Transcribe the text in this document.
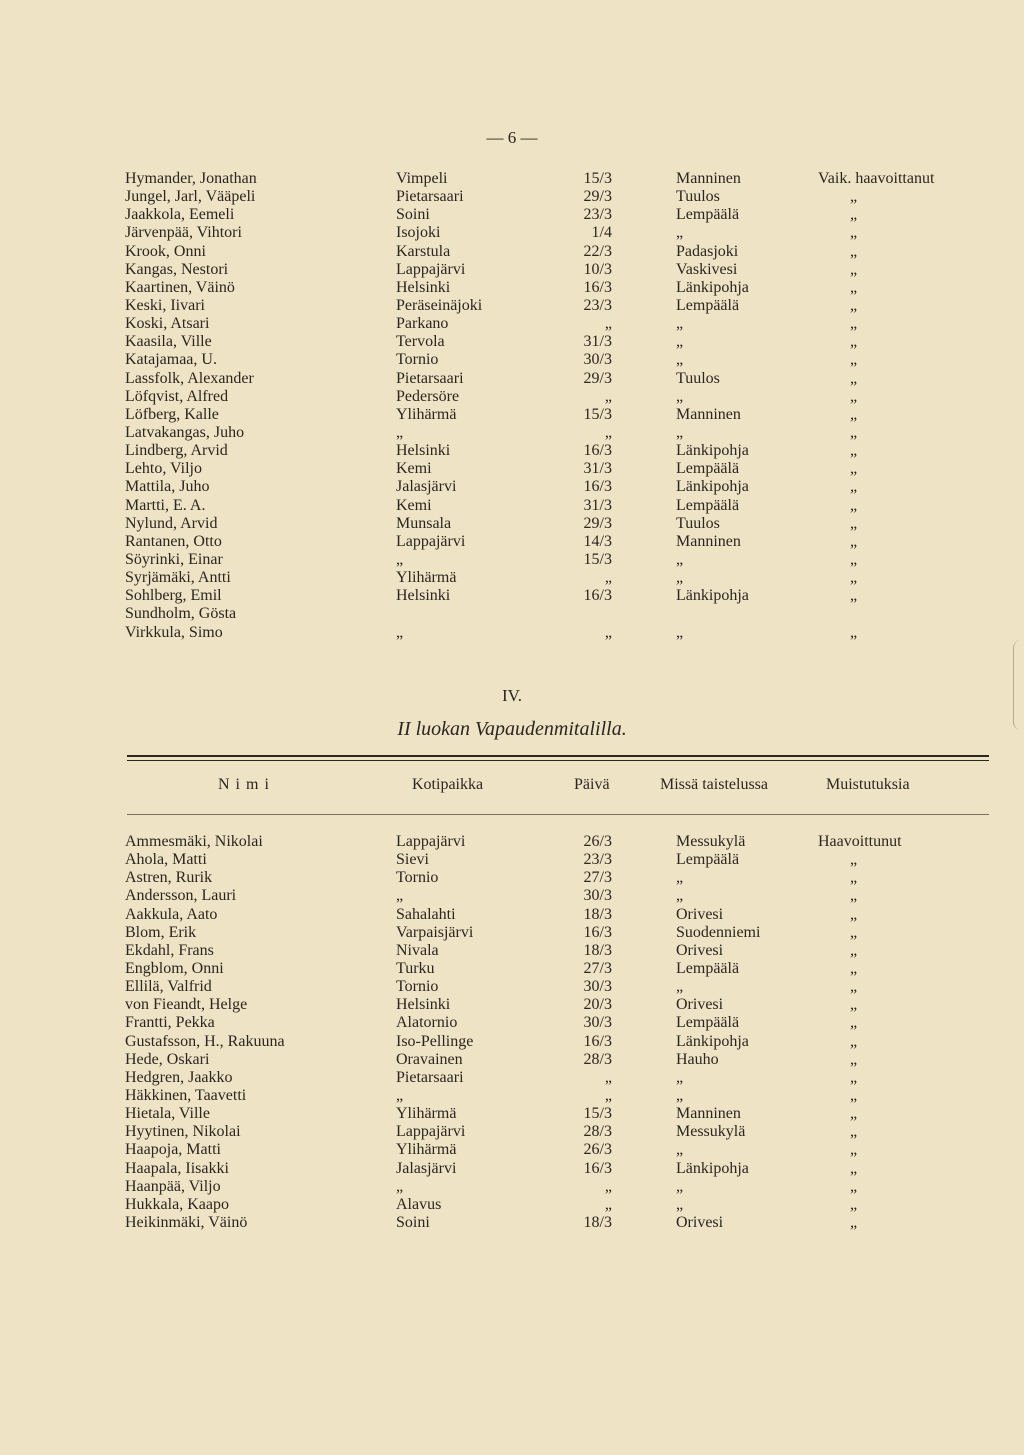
— 6 —
Hymander, Jonathan	Vimpeli	15/3	Manninen	Vaik. haavoittanut
Jungel, Jarl, Vääpeli	Pietarsaari	29/3	Tuulos	„
Jaakkola, Eemeli	Soini	23/3	Lempäälä	„
Järvenpää, Vihtori	Isojoki	1/4	„	„
Krook, Onni	Karstula	22/3	Padasjoki	„
Kangas, Nestori	Lappajärvi	10/3	Vaskivesi	„
Kaartinen, Väinö	Helsinki	16/3	Länkipohja	„
Keski, Iivari	Peräseinäjoki	23/3	Lempäälä	„
Koski, Atsari	Parkano	„	„	„
Kaasila, Ville	Tervola	31/3	„	„
Katajamaa, U.	Tornio	30/3	„	„
Lassfolk, Alexander	Pietarsaari	29/3	Tuulos	„
Löfqvist, Alfred	Pedersöre	„	„	„
Löfberg, Kalle	Ylihärmä	15/3	Manninen	„
Latvakangas, Juho	„	„	„	„
Lindberg, Arvid	Helsinki	16/3	Länkipohja	„
Lehto, Viljo	Kemi	31/3	Lempäälä	„
Mattila, Juho	Jalasjärvi	16/3	Länkipohja	„
Martti, E. A.	Kemi	31/3	Lempäälä	„
Nylund, Arvid	Munsala	29/3	Tuulos	„
Rantanen, Otto	Lappajärvi	14/3	Manninen	„
Söyrinki, Einar	„	15/3	„	„
Syrjämäki, Antti	Ylihärmä	„	„	„
Sohlberg, Emil	Helsinki	16/3	Länkipohja	„
Sundholm, Gösta
Virkkula, Simo	„	„	„	„
IV.
II luokan Vapaudenmitalilla.
Nimi	Kotipaikka	Päivä	Missä taistelussa	Muistutuksia
Ammesmäki, Nikolai	Lappajärvi	26/3	Messukylä	Haavoittunut
Ahola, Matti	Sievi	23/3	Lempäälä	„
Astren, Rurik	Tornio	27/3	„	„
Andersson, Lauri	„	30/3	„	„
Aakkula, Aato	Sahalahti	18/3	Orivesi	„
Blom, Erik	Varpaisjärvi	16/3	Suodenniemi	„
Ekdahl, Frans	Nivala	18/3	Orivesi	„
Engblom, Onni	Turku	27/3	Lempäälä	„
Ellilä, Valfrid	Tornio	30/3	„	„
von Fieandt, Helge	Helsinki	20/3	Orivesi	„
Frantti, Pekka	Alatornio	30/3	Lempäälä	„
Gustafsson, H., Rakuuna	Iso-Pellinge	16/3	Länkipohja	„
Hede, Oskari	Oravainen	28/3	Hauho	„
Hedgren, Jaakko	Pietarsaari	„	„	„
Häkkinen, Taavetti	„	„	„	„
Hietala, Ville	Ylihärmä	15/3	Manninen	„
Hyytinen, Nikolai	Lappajärvi	28/3	Messukylä	„
Haapoja, Matti	Ylihärmä	26/3	„	„
Haapala, Iisakki	Jalasjärvi	16/3	Länkipohja	„
Haanpää, Viljo	„	„	„	„
Hukkala, Kaapo	Alavus	„	„	„
Heikinmäki, Väinö	Soini	18/3	Orivesi	„
